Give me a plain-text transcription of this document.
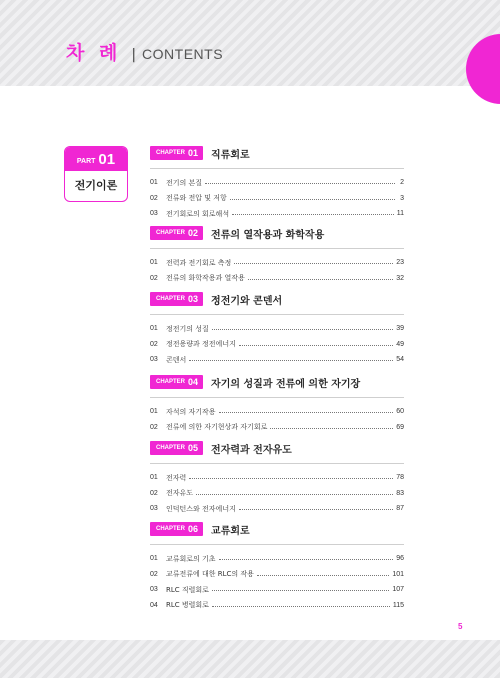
차 례 | CONTENTS
PART 01
전기이론
CHAPTER 01 직류회로
01	전기의 본질	2
02	전류와 전압 및 저항	3
03	전기회로의 회로해석	11
CHAPTER 02 전류의 열작용과 화학작용
01	전력과 전기회로 측정	23
02	전류의 화학작용과 열작용	32
CHAPTER 03 정전기와 콘덴서
01	정전기의 성질	39
02	정전용량과 정전에너지	49
03	콘덴서	54
CHAPTER 04 자기의 성질과 전류에 의한 자기장
01	자석의 자기작용	60
02	전류에 의한 자기현상과 자기회로	69
CHAPTER 05 전자력과 전자유도
01	전자력	78
02	전자유도	83
03	인덕턴스와 전자에너지	87
CHAPTER 06 교류회로
01	교류회로의 기초	96
02	교류전류에 대한 RLC의 작용	101
03	RLC 직렬회로	107
04	RLC 병렬회로	115
5
